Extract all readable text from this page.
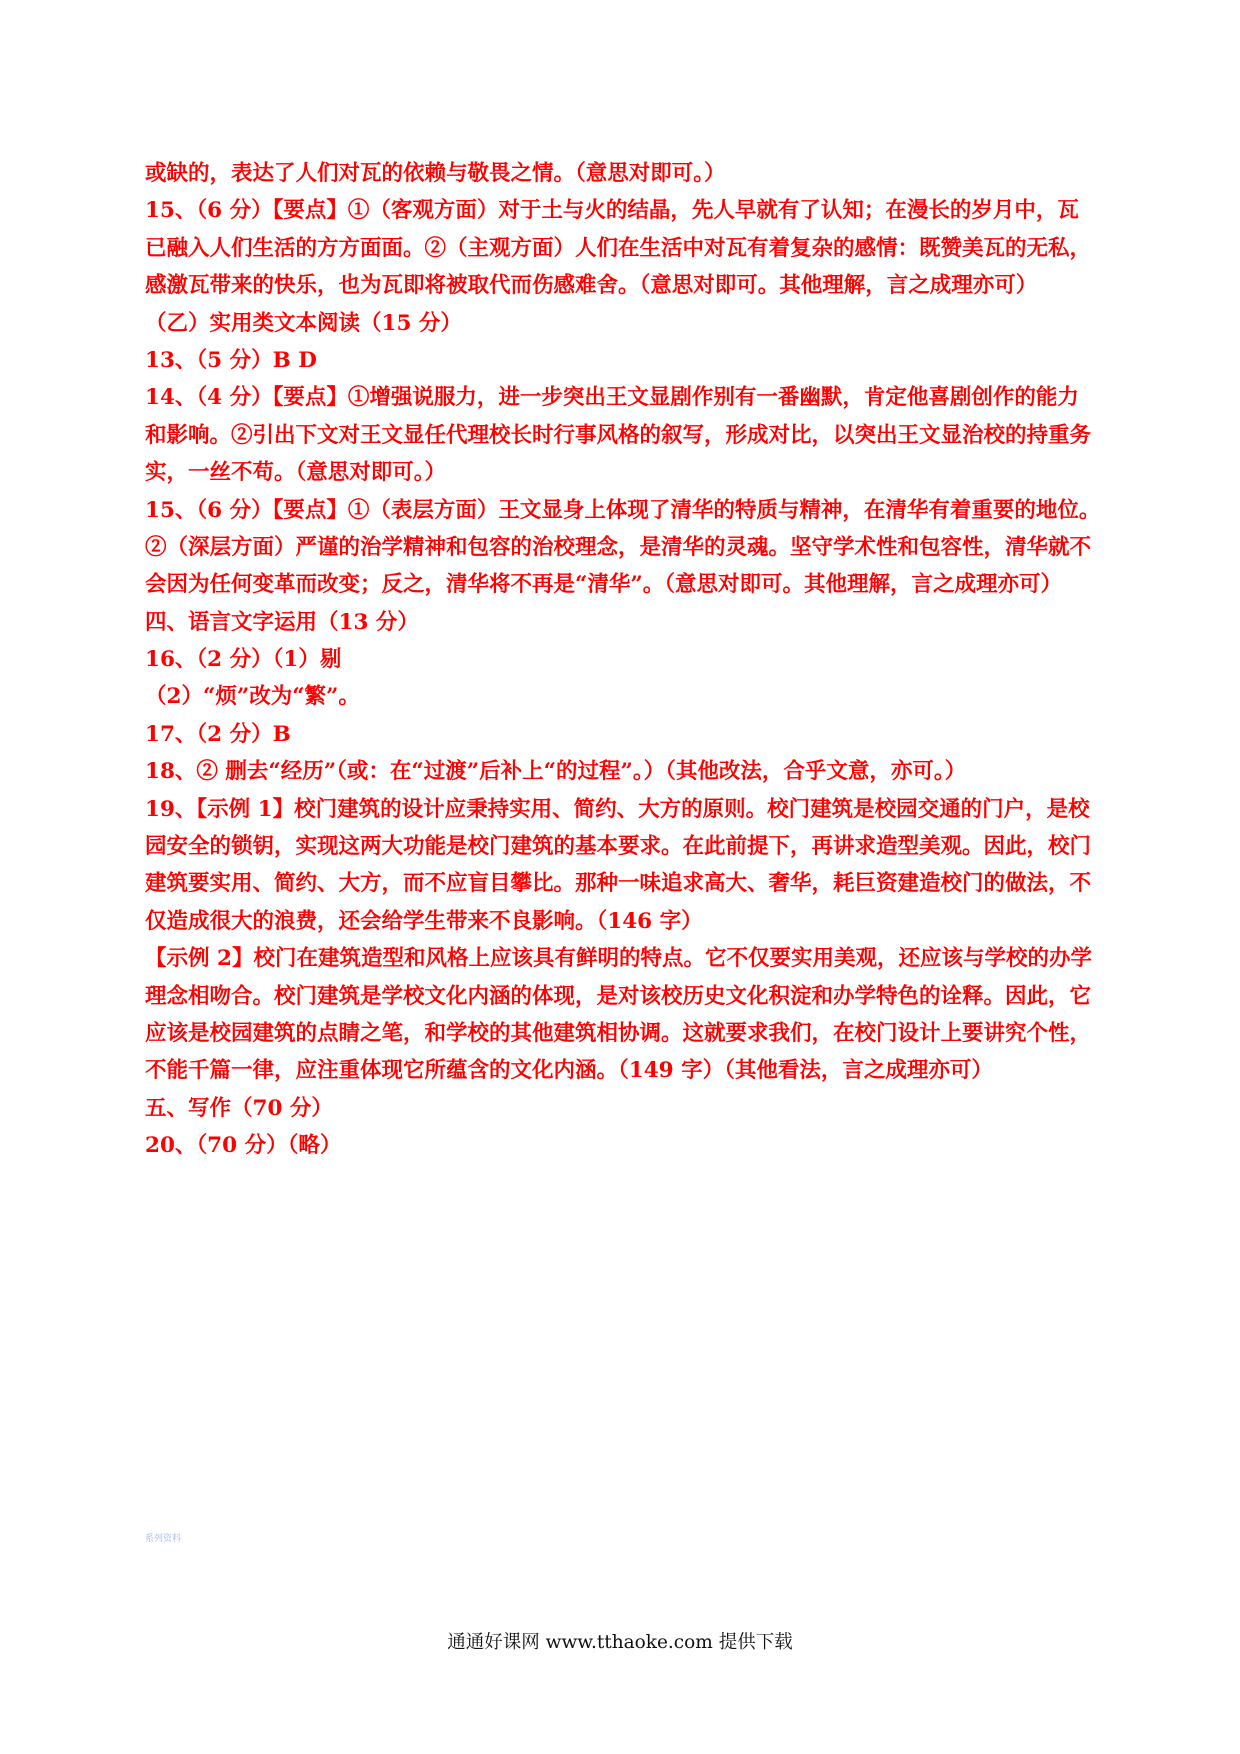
或缺的，表达了人们对瓦的依赖与敬畏之情。（意思对即可。）
15、（6 分）【要点】①（客观方面）对于土与火的结晶，先人早就有了认知；在漫长的岁月中，瓦
已融入人们生活的方方面面。②（主观方面）人们在生活中对瓦有着复杂的感情：既赞美瓦的无私，
感激瓦带来的快乐，也为瓦即将被取代而伤感难舍。（意思对即可。其他理解，言之成理亦可）
（乙）实用类文本阅读（15 分）
13、（5 分）B D
14、（4 分）【要点】①增强说服力，进一步突出王文显剧作别有一番幽默，肯定他喜剧创作的能力
和影响。②引出下文对王文显任代理校长时行事风格的叙写，形成对比，以突出王文显治校的持重务
实，一丝不苟。（意思对即可。）
15、（6 分）【要点】①（表层方面）王文显身上体现了清华的特质与精神，在清华有着重要的地位。
②（深层方面）严谨的治学精神和包容的治校理念，是清华的灵魂。坚守学术性和包容性，清华就不
会因为任何变革而改变；反之，清华将不再是“清华”。（意思对即可。其他理解，言之成理亦可）
四、语言文字运用（13 分）
16、（2 分）（1）剔
（2）“烦”改为“繁”。
17、（2 分）B
18、② 删去“经历”（或：在“过渡”后补上“的过程”。）（其他改法，合乎文意，亦可。）
19、【示例 1】校门建筑的设计应秉持实用、简约、大方的原则。校门建筑是校园交通的门户，是校
园安全的锁钥，实现这两大功能是校门建筑的基本要求。在此前提下，再讲求造型美观。因此，校门
建筑要实用、简约、大方，而不应盲目攀比。那种一味追求高大、奢华，耗巨资建造校门的做法，不
仅造成很大的浪费，还会给学生带来不良影响。（146 字）
【示例 2】校门在建筑造型和风格上应该具有鲜明的特点。它不仅要实用美观，还应该与学校的办学
理念相吻合。校门建筑是学校文化内涵的体现，是对该校历史文化积淀和办学特色的诠释。因此，它
应该是校园建筑的点睛之笔，和学校的其他建筑相协调。这就要求我们，在校门设计上要讲究个性，
不能千篇一律，应注重体现它所蕴含的文化内涵。（149 字）（其他看法，言之成理亦可）
五、写作（70 分）
20、（70 分）（略）
系列资料
通通好课网 www.tthaoke.com 提供下载
